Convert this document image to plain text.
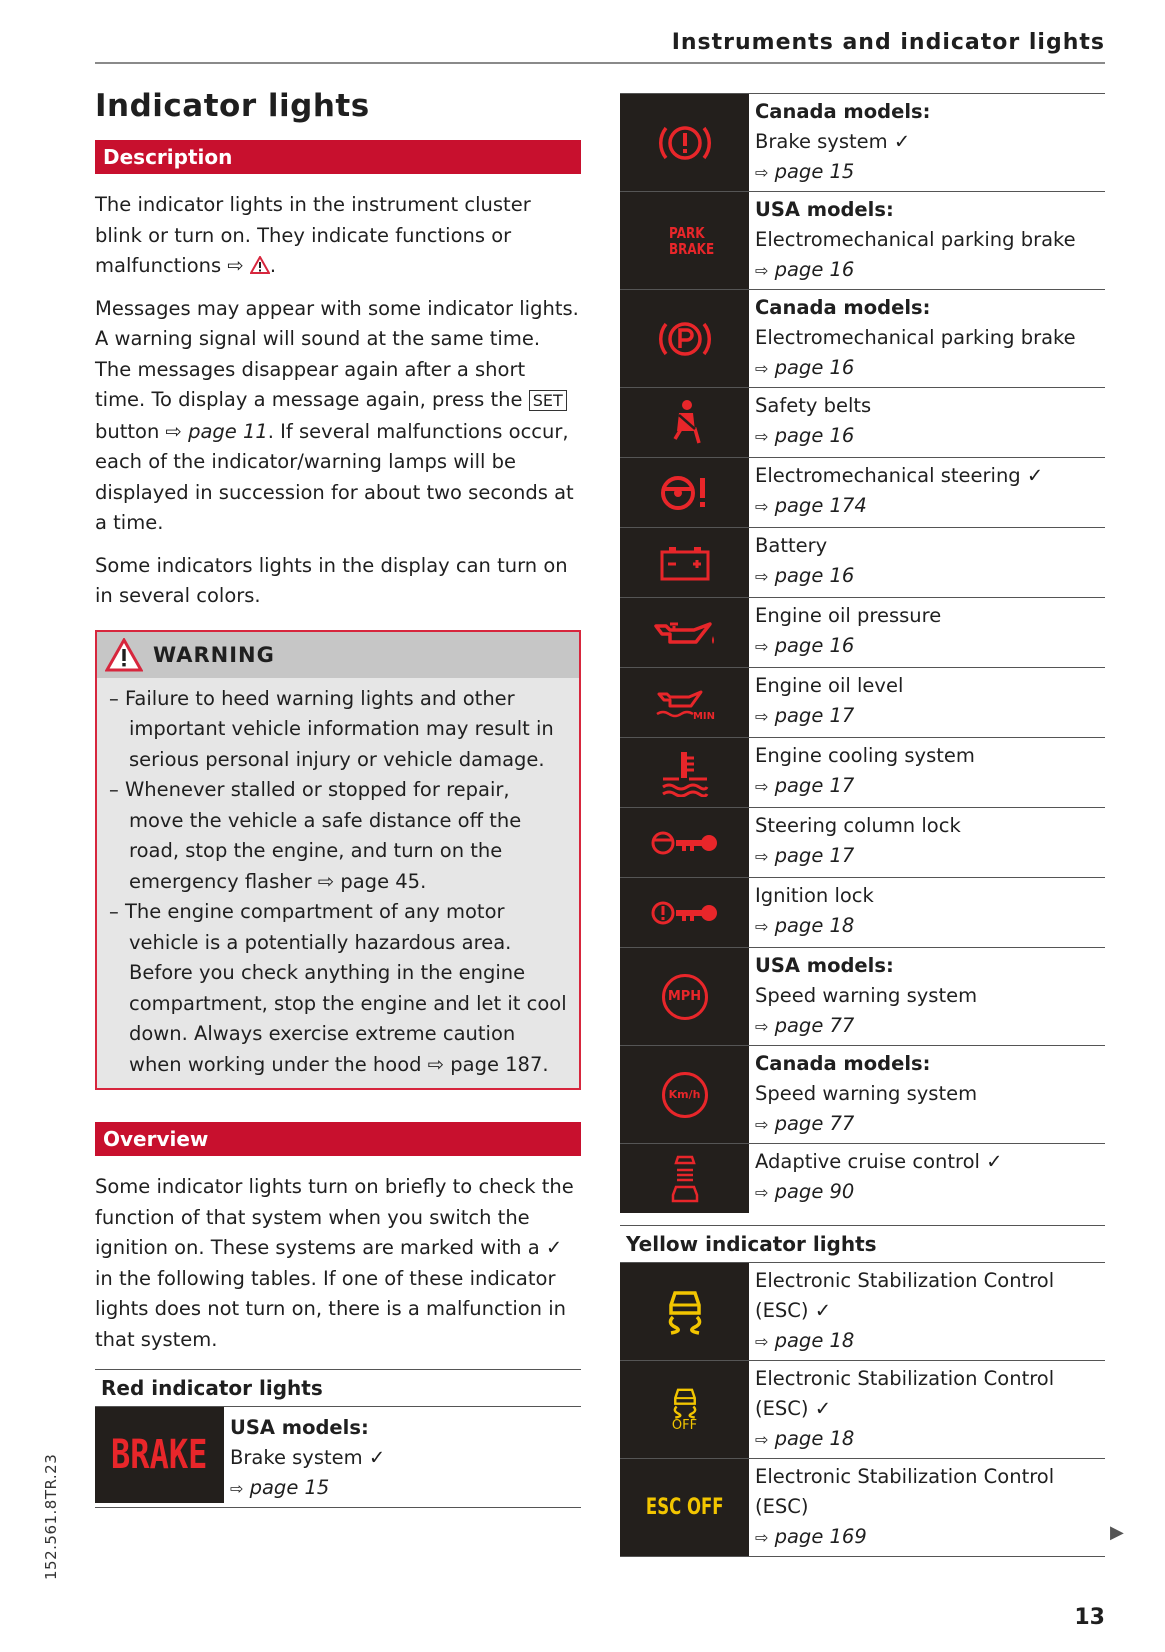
Instruments and indicator lights
Indicator lights
Description

The indicator lights in the instrument cluster blink or turn on. They indicate functions or malfunctions ⇨ .

Messages may appear with some indicator lights. A warning signal will sound at the same time. The messages disappear again after a short time. To display a message again, press the SET button ⇨ page 11. If several malfunctions occur, each of the indicator/warning lamps will be displayed in succession for about two seconds at a time.

Some indicators lights in the display can turn on in several colors.

WARNING
– Failure to heed warning lights and other important vehicle information may result in serious personal injury or vehicle damage.
– Whenever stalled or stopped for repair, move the vehicle a safe distance off the road, stop the engine, and turn on the emergency flasher ⇨ page 45.
– The engine compartment of any motor vehicle is a potentially hazardous area. Before you check anything in the engine compartment, stop the engine and let it cool down. Always exercise extreme caution when working under the hood ⇨ page 187.
Overview

Some indicator lights turn on briefly to check the function of that system when you switch the ignition on. These systems are marked with a ✓ in the following tables. If one of these indicator lights does not turn on, there is a malfunction in that system.

Red indicator lights
BRAKE
USA models:
Brake system ✓
⇨ page 15
Canada models:
Brake system ✓
⇨ page 15
PARK BRAKE
USA models:
Electromechanical parking brake
⇨ page 16
Canada models:
Electromechanical parking brake
⇨ page 16
Safety belts
⇨ page 16
Electromechanical steering ✓
⇨ page 174
Battery
⇨ page 16
Engine oil pressure
⇨ page 16
MIN
Engine oil level
⇨ page 17
Engine cooling system
⇨ page 17
Steering column lock
⇨ page 17
Ignition lock
⇨ page 18
MPH
USA models:
Speed warning system
⇨ page 77
Km/h
Canada models:
Speed warning system
⇨ page 77
Adaptive cruise control ✓
⇨ page 90
Yellow indicator lights
Electronic Stabilization Control (ESC) ✓
⇨ page 18
OFF
Electronic Stabilization Control (ESC) ✓
⇨ page 18
ESC OFF
Electronic Stabilization Control (ESC)
⇨ page 169	▶
152.561.8TR.23
13
